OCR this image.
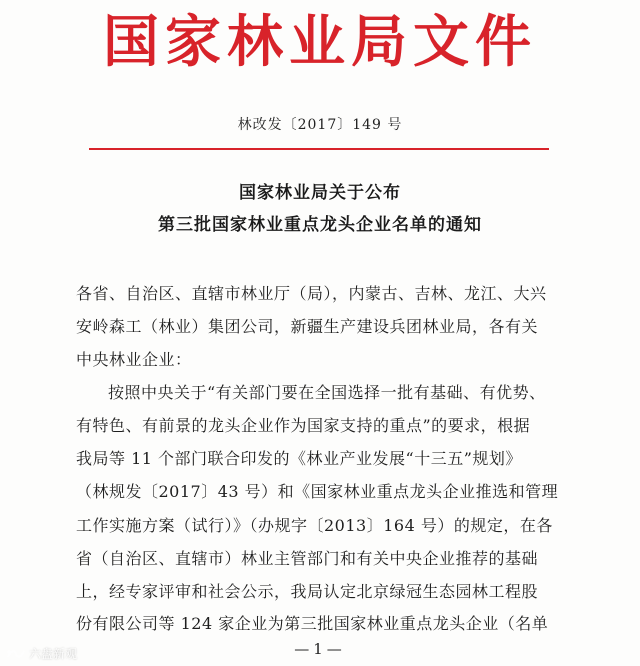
国家林业局文件
林改发〔2017〕149 号
国家林业局关于公布
第三批国家林业重点龙头企业名单的通知
各省、自治区、直辖市林业厅（局），内蒙古、吉林、龙江、大兴
安岭森工（林业）集团公司，新疆生产建设兵团林业局，各有关
中央林业企业：
按照中央关于“有关部门要在全国选择一批有基础、有优势、
有特色、有前景的龙头企业作为国家支持的重点”的要求，根据
我局等 11 个部门联合印发的《林业产业发展“十三五”规划》
（林规发〔2017〕43 号）和《国家林业重点龙头企业推选和管理
工作实施方案（试行）》（办规字〔2013〕164 号）的规定，在各
省（自治区、直辖市）林业主管部门和有关中央企业推荐的基础
上，经专家评审和社会公示，我局认定北京绿冠生态园林工程股
份有限公司等 124 家企业为第三批国家林业重点龙头企业（名单
—1—
六盘新观
